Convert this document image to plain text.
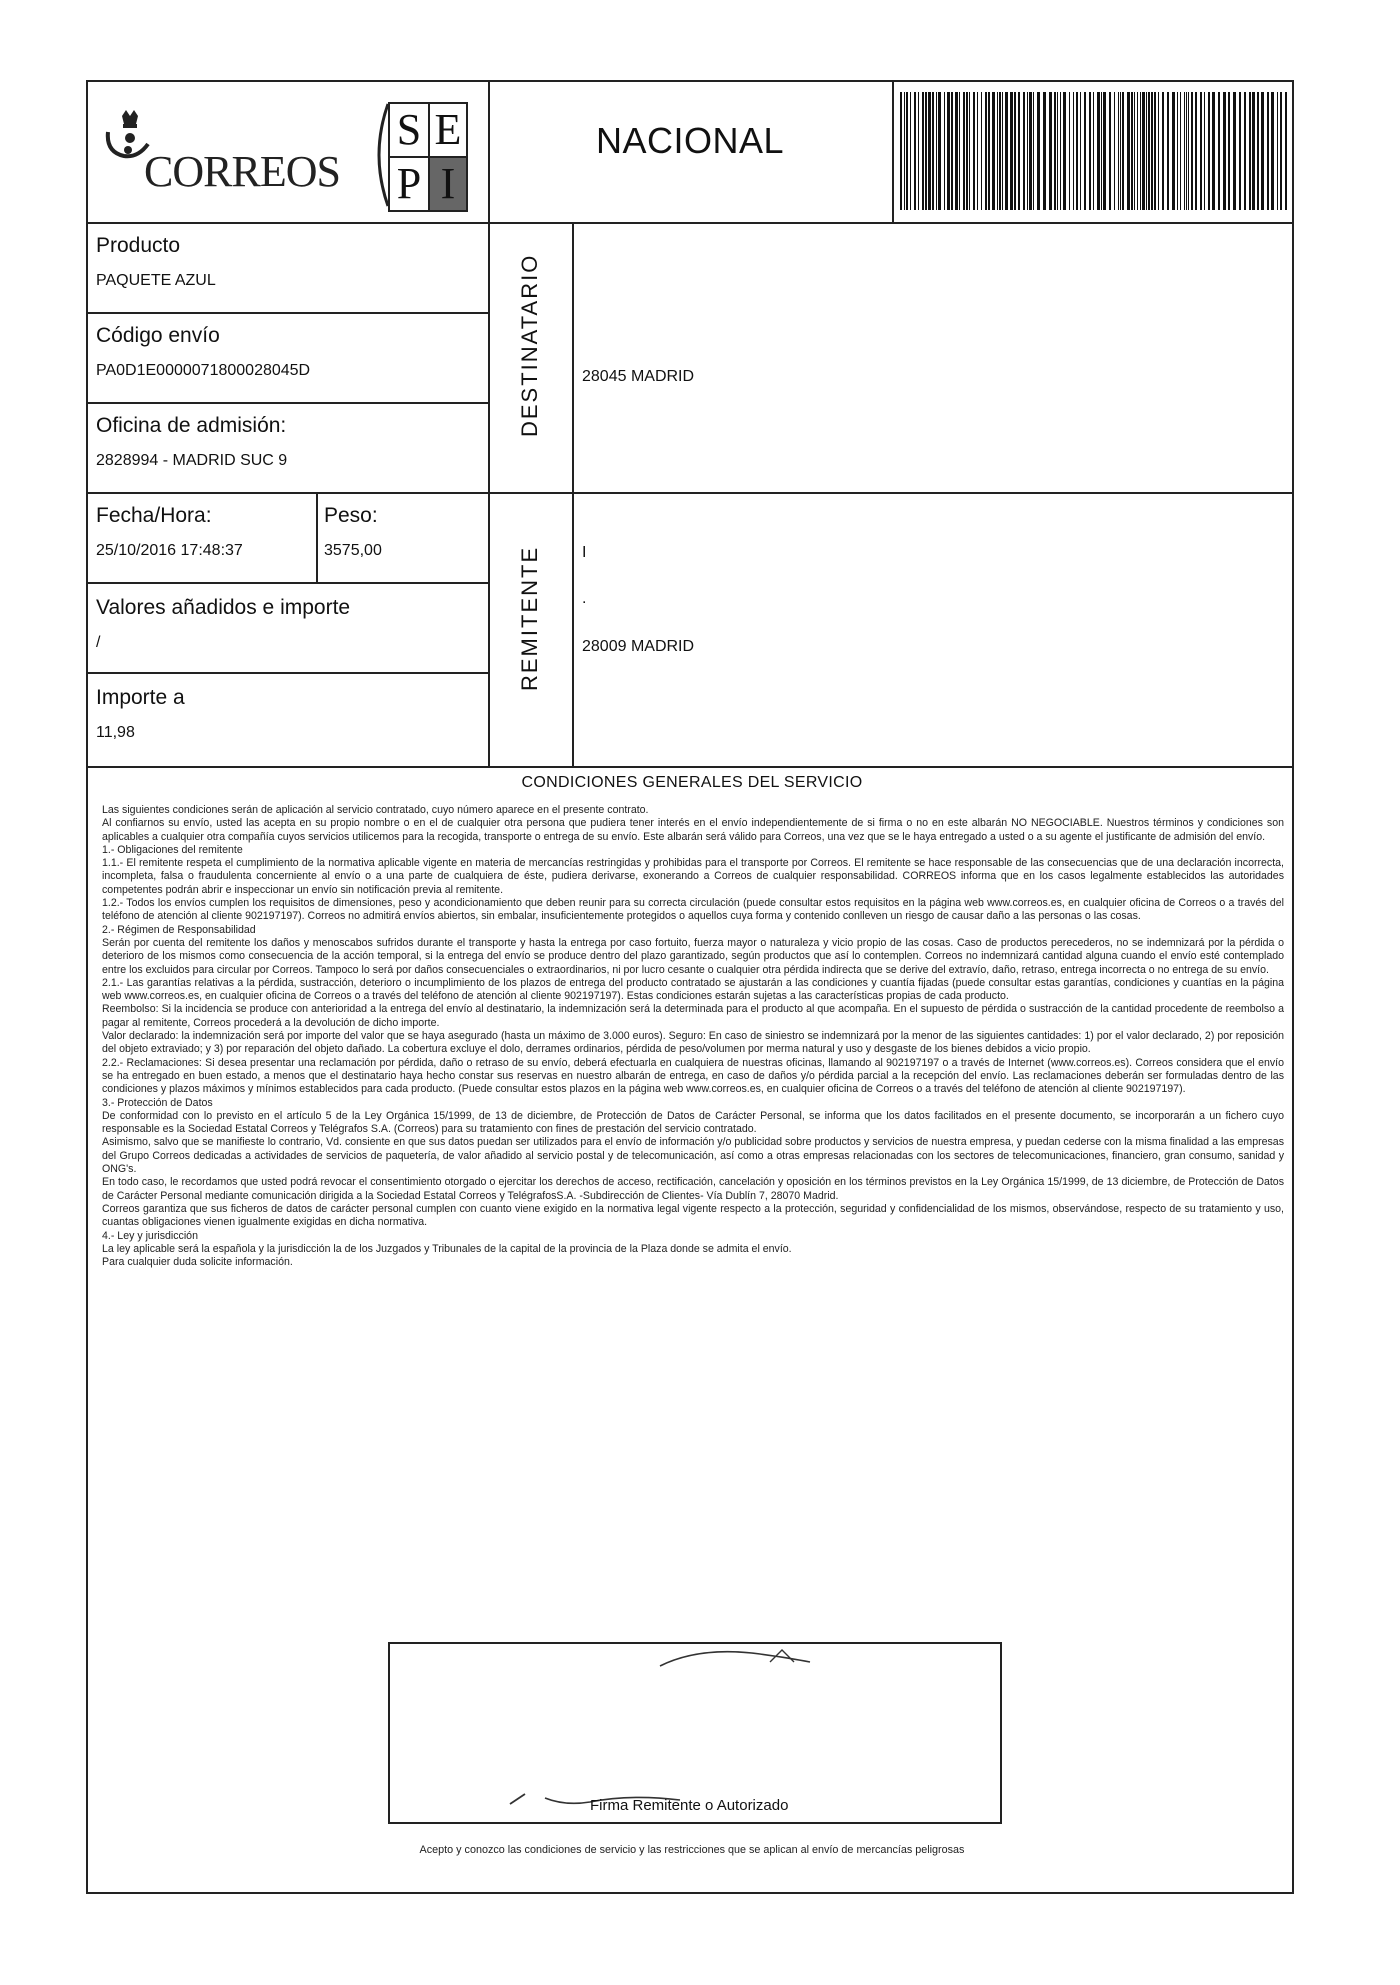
CORREOS
S E
P I
NACIONAL
Producto
PAQUETE AZUL
Código envío
PA0D1E0000071800028045D
Oficina de admisión:
2828994 - MADRID SUC 9
Fecha/Hora:
25/10/2016 17:48:37
Peso:
3575,00
Valores añadidos e importe
/
Importe a
11,98
DESTINATARIO	28045 MADRID
REMITENTE	I
.
28009 MADRID
CONDICIONES GENERALES DEL SERVICIO

Las siguientes condiciones serán de aplicación al servicio contratado, cuyo número aparece en el presente contrato.

Al confiarnos su envío, usted las acepta en su propio nombre o en el de cualquier otra persona que pudiera tener interés en el envío independientemente de si firma o no en este albarán NO NEGOCIABLE. Nuestros términos y condiciones son aplicables a cualquier otra compañía cuyos servicios utilicemos para la recogida, transporte o entrega de su envío. Este albarán será válido para Correos, una vez que se le haya entregado a usted o a su agente el justificante de admisión del envío.

1.- Obligaciones del remitente

1.1.- El remitente respeta el cumplimiento de la normativa aplicable vigente en materia de mercancías restringidas y prohibidas para el transporte por Correos. El remitente se hace responsable de las consecuencias que de una declaración incorrecta, incompleta, falsa o fraudulenta concerniente al envío o a una parte de cualquiera de éste, pudiera derivarse, exonerando a Correos de cualquier responsabilidad. CORREOS informa que en los casos legalmente establecidos las autoridades competentes podrán abrir e inspeccionar un envío sin notificación previa al remitente.

1.2.- Todos los envíos cumplen los requisitos de dimensiones, peso y acondicionamiento que deben reunir para su correcta circulación (puede consultar estos requisitos en la página web www.correos.es, en cualquier oficina de Correos o a través del teléfono de atención al cliente 902197197). Correos no admitirá envíos abiertos, sin embalar, insuficientemente protegidos o aquellos cuya forma y contenido conlleven un riesgo de causar daño a las personas o las cosas.

2.- Régimen de Responsabilidad

Serán por cuenta del remitente los daños y menoscabos sufridos durante el transporte y hasta la entrega por caso fortuito, fuerza mayor o naturaleza y vicio propio de las cosas. Caso de productos perecederos, no se indemnizará por la pérdida o deterioro de los mismos como consecuencia de la acción temporal, si la entrega del envío se produce dentro del plazo garantizado, según productos que así lo contemplen. Correos no indemnizará cantidad alguna cuando el envío esté contemplado entre los excluidos para circular por Correos. Tampoco lo será por daños consecuenciales o extraordinarios, ni por lucro cesante o cualquier otra pérdida indirecta que se derive del extravío, daño, retraso, entrega incorrecta o no entrega de su envío.

2.1.- Las garantías relativas a la pérdida, sustracción, deterioro o incumplimiento de los plazos de entrega del producto contratado se ajustarán a las condiciones y cuantía fijadas (puede consultar estas garantías, condiciones y cuantías en la página web www.correos.es, en cualquier oficina de Correos o a través del teléfono de atención al cliente 902197197). Estas condiciones estarán sujetas a las características propias de cada producto.

Reembolso: Si la incidencia se produce con anterioridad a la entrega del envío al destinatario, la indemnización será la determinada para el producto al que acompaña. En el supuesto de pérdida o sustracción de la cantidad procedente de reembolso a pagar al remitente, Correos procederá a la devolución de dicho importe.

Valor declarado: la indemnización será por importe del valor que se haya asegurado (hasta un máximo de 3.000 euros). Seguro: En caso de siniestro se indemnizará por la menor de las siguientes cantidades: 1) por el valor declarado, 2) por reposición del objeto extraviado; y 3) por reparación del objeto dañado. La cobertura excluye el dolo, derrames ordinarios, pérdida de peso/volumen por merma natural y uso y desgaste de los bienes debidos a vicio propio.

2.2.- Reclamaciones: Si desea presentar una reclamación por pérdida, daño o retraso de su envío, deberá efectuarla en cualquiera de nuestras oficinas, llamando al 902197197 o a través de Internet (www.correos.es). Correos considera que el envío se ha entregado en buen estado, a menos que el destinatario haya hecho constar sus reservas en nuestro albarán de entrega, en caso de daños y/o pérdida parcial a la recepción del envío. Las reclamaciones deberán ser formuladas dentro de las condiciones y plazos máximos y mínimos establecidos para cada producto. (Puede consultar estos plazos en la página web www.correos.es, en cualquier oficina de Correos o a través del teléfono de atención al cliente 902197197).

3.- Protección de Datos

De conformidad con lo previsto en el artículo 5 de la Ley Orgánica 15/1999, de 13 de diciembre, de Protección de Datos de Carácter Personal, se informa que los datos facilitados en el presente documento, se incorporarán a un fichero cuyo responsable es la Sociedad Estatal Correos y Telégrafos S.A. (Correos) para su tratamiento con fines de prestación del servicio contratado.

Asimismo, salvo que se manifieste lo contrario, Vd. consiente en que sus datos puedan ser utilizados para el envío de información y/o publicidad sobre productos y servicios de nuestra empresa, y puedan cederse con la misma finalidad a las empresas del Grupo Correos dedicadas a actividades de servicios de paquetería, de valor añadido al servicio postal y de telecomunicación, así como a otras empresas relacionadas con los sectores de telecomunicaciones, financiero, gran consumo, sanidad y ONG's.

En todo caso, le recordamos que usted podrá revocar el consentimiento otorgado o ejercitar los derechos de acceso, rectificación, cancelación y oposición en los términos previstos en la Ley Orgánica 15/1999, de 13 diciembre, de Protección de Datos de Carácter Personal mediante comunicación dirigida a la Sociedad Estatal Correos y TelégrafosS.A. -Subdirección de Clientes- Vía Dublín 7, 28070 Madrid.

Correos garantiza que sus ficheros de datos de carácter personal cumplen con cuanto viene exigido en la normativa legal vigente respecto a la protección, seguridad y confidencialidad de los mismos, observándose, respecto de su tratamiento y uso, cuantas obligaciones vienen igualmente exigidas en dicha normativa.

4.- Ley y jurisdicción

La ley aplicable será la española y la jurisdicción la de los Juzgados y Tribunales de la capital de la provincia de la Plaza donde se admita el envío.

Para cualquier duda solicite información.

Firma Remitente o Autorizado
Acepto y conozco las condiciones de servicio y las restricciones que se aplican al envío de mercancías peligrosas
